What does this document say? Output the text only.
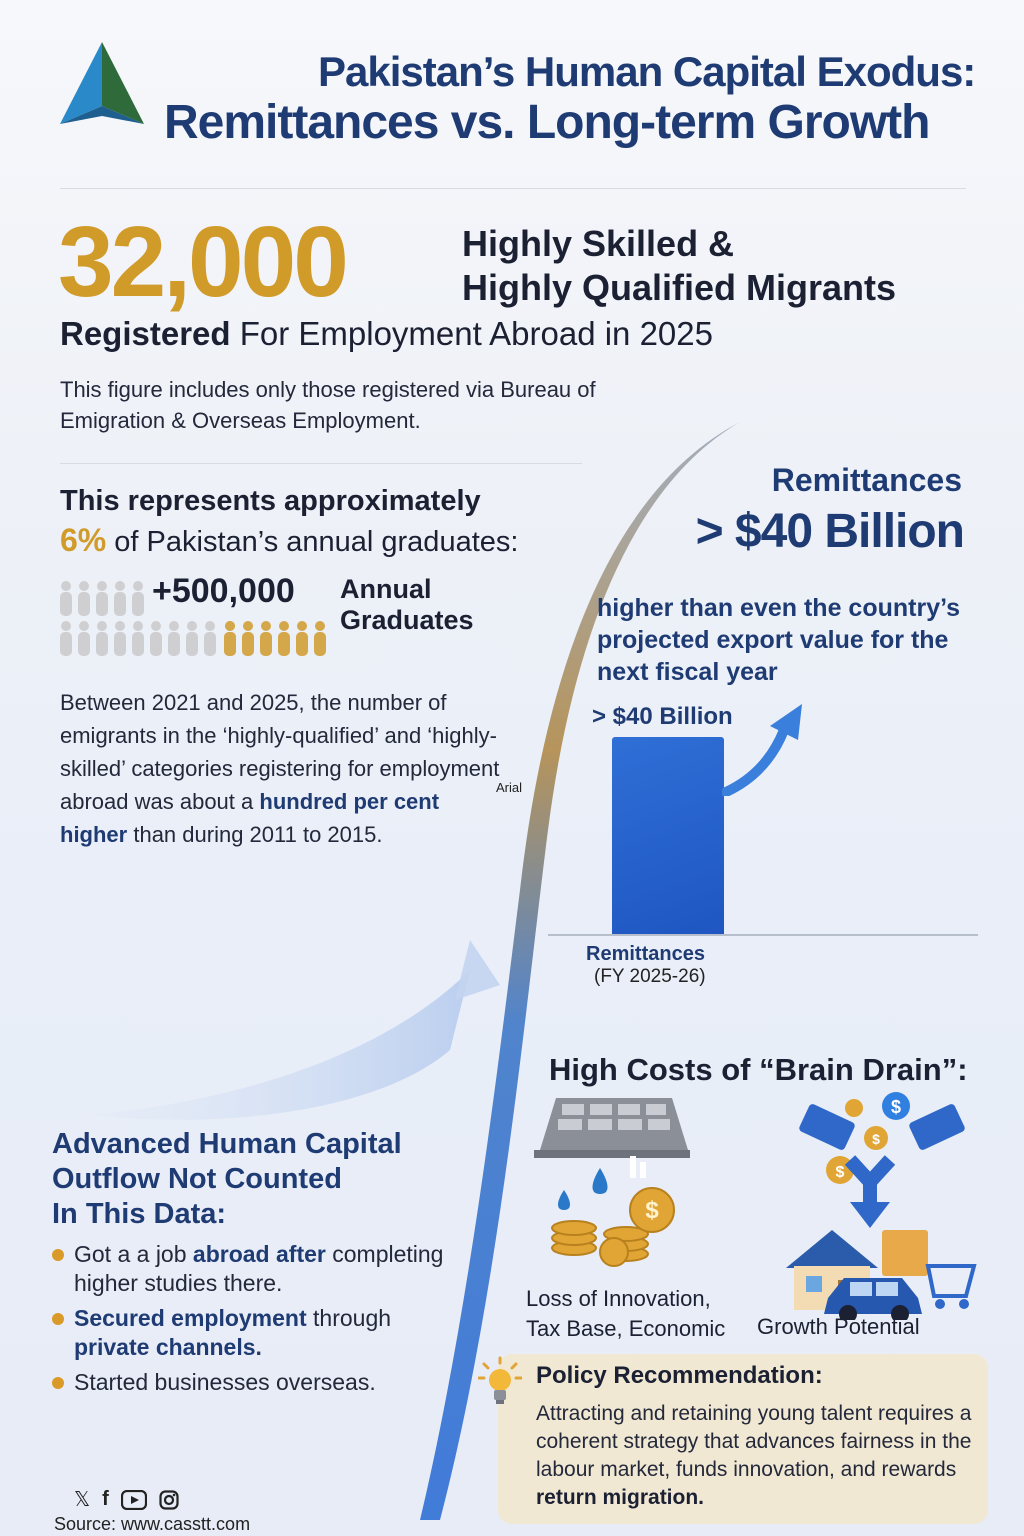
Pakistan’s Human Capital Exodus:
Remittances vs. Long-term Growth
32,000	Highly Skilled &
Highly Qualified Migrants
Registered For Employment Abroad in 2025
This figure includes only those registered via Bureau of Emigration & Overseas Employment.
This represents approximately
6% of Pakistan’s annual graduates:
+500,000 Annual
Graduates
Between 2021 and 2025, the number of emigrants in the ‘highly-qualified’ and ‘highly-skilled’ categories registering for employment abroad was about a hundred per cent higher than during 2011 to 2015.
Arial
Remittances
> $40 Billion
higher than even the country’s projected export value for the next fiscal year
> $40 Billion
Remittances
(FY 2025-26)
High Costs of “Brain Drain”:
$
$
$
$
Loss of Innovation,
Tax Base, Economic Growth Potential
Advanced Human Capital
Outflow Not Counted
In This Data:
Got a a job abroad after completing higher studies there.
Secured employment through private channels.
Started businesses overseas.	Policy Recommendation:
Attracting and retaining young talent requires a coherent strategy that advances fairness in the labour market, funds innovation, and rewards return migration.
𝕏 f
Source: www.casstt.com
